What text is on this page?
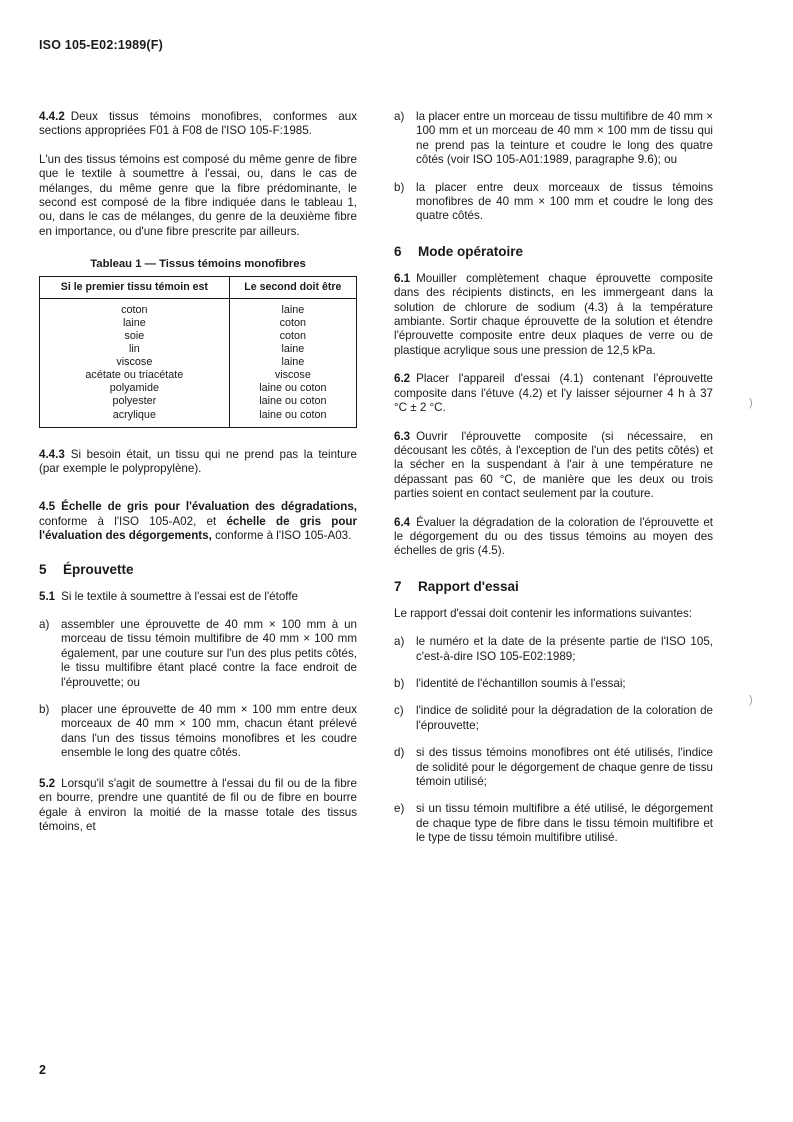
ISO 105-E02:1989(F)

4.4.2 Deux tissus témoins monofibres, conformes aux sections appropriées F01 à F08 de l'ISO 105-F:1985.

L'un des tissus témoins est composé du même genre de fibre que le textile à soumettre à l'essai, ou, dans le cas de mélanges, du même genre que la fibre prédominante, le second est composé de la fibre indiquée dans le tableau 1, ou, dans le cas de mélanges, du genre de la deuxième fibre en importance, ou d'une fibre prescrite par ailleurs.

Tableau 1 — Tissus témoins monofibres
Si le premier tissu témoin est	Le second doit être
coton	laine
laine	coton
soie	coton
lin	laine
viscose	laine
acétate ou triacétate	viscose
polyamide	laine ou coton
polyester	laine ou coton
acrylique	laine ou coton

4.4.3 Si besoin était, un tissu qui ne prend pas la teinture (par exemple le polypropylène).

4.5 Échelle de gris pour l'évaluation des dégradations, conforme à l'ISO 105-A02, et échelle de gris pour l'évaluation des dégorgements, conforme à l'ISO 105-A03.

5 Éprouvette

5.1 Si le textile à soumettre à l'essai est de l'étoffe

a)	assembler une éprouvette de 40 mm × 100 mm à un morceau de tissu témoin multifibre de 40 mm × 100 mm également, par une couture sur l'un des plus petits côtés, le tissu multifibre étant placé contre la face endroit de l'éprouvette; ou
b)	placer une éprouvette de 40 mm × 100 mm entre deux morceaux de 40 mm × 100 mm, chacun étant prélevé dans l'un des tissus témoins monofibres et les coudre ensemble le long des quatre côtés.

5.2 Lorsqu'il s'agit de soumettre à l'essai du fil ou de la fibre en bourre, prendre une quantité de fil ou de fibre en bourre égale à environ la moitié de la masse totale des tissus témoins, et

a)	la placer entre un morceau de tissu multifibre de 40 mm × 100 mm et un morceau de 40 mm × 100 mm de tissu qui ne prend pas la teinture et coudre le long des quatre côtés (voir ISO 105-A01:1989, paragraphe 9.6); ou
b)	la placer entre deux morceaux de tissus témoins monofibres de 40 mm × 100 mm et coudre le long des quatre côtés.
6 Mode opératoire

6.1 Mouiller complètement chaque éprouvette composite dans des récipients distincts, en les immergeant dans la solution de chlorure de sodium (4.3) à la température ambiante. Sortir chaque éprouvette de la solution et étendre l'éprouvette composite entre deux plaques de verre ou de plastique acrylique sous une pression de 12,5 kPa.

6.2 Placer l'appareil d'essai (4.1) contenant l'éprouvette composite dans l'étuve (4.2) et l'y laisser séjourner 4 h à 37 °C ± 2 °C.

6.3 Ouvrir l'éprouvette composite (si nécessaire, en décousant les côtés, à l'exception de l'un des petits côtés) et la sécher en la suspendant à l'air à une température ne dépassant pas 60 °C, de manière que les deux ou trois parties soient en contact seulement par la couture.

6.4 Évaluer la dégradation de la coloration de l'éprouvette et le dégorgement du ou des tissus témoins au moyen des échelles de gris (4.5).

7 Rapport d'essai

Le rapport d'essai doit contenir les informations suivantes:

a)	le numéro et la date de la présente partie de l'ISO 105, c'est-à-dire ISO 105-E02:1989;
b)	l'identité de l'échantillon soumis à l'essai;
c)	l'indice de solidité pour la dégradation de la coloration de l'éprouvette;
d)	si des tissus témoins monofibres ont été utilisés, l'indice de solidité pour le dégorgement de chaque genre de tissu témoin utilisé;
e)	si un tissu témoin multifibre a été utilisé, le dégorgement de chaque type de fibre dans le tissu témoin multifibre et le type de tissu témoin multifibre utilisé.
)
)
2
